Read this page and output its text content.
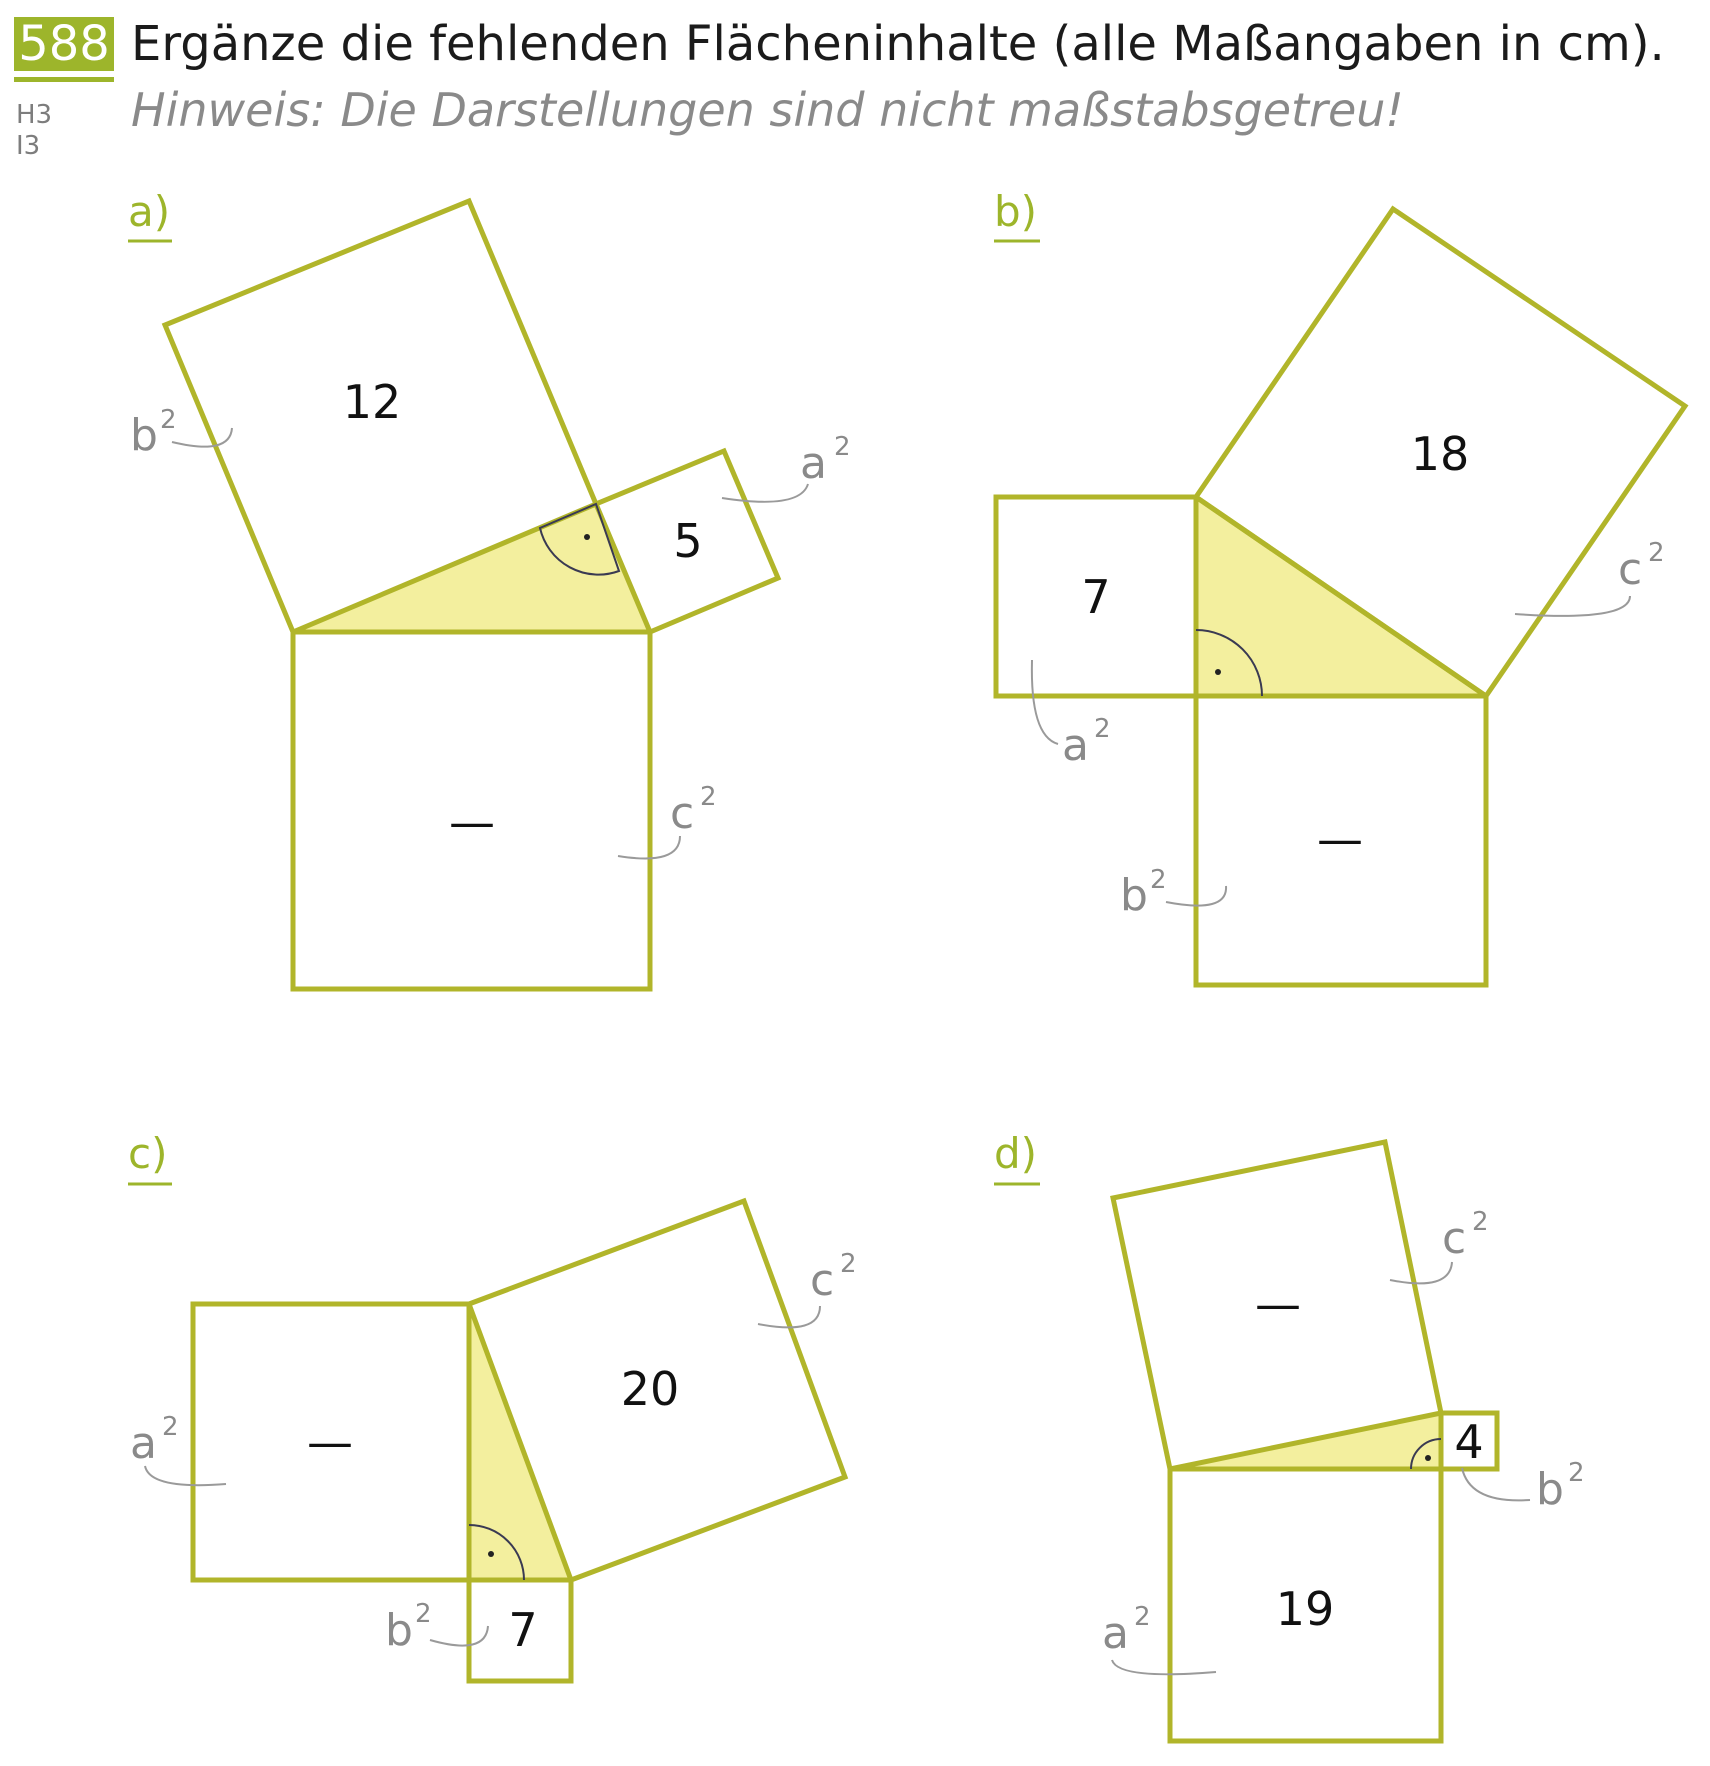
588 Ergänze die fehlenden Flächeninhalte (alle Maßangaben in cm).
Hinweis: Die Darstellungen sind nicht maßstabsgetreu!
H3
I3
a)
12
5
—
b 2
a 2
c 2
b)
7
—
18
a 2
b 2
c 2
c)
—
7
20
a 2
b 2
c 2
d)
—
4
19
c 2
b 2
a 2
